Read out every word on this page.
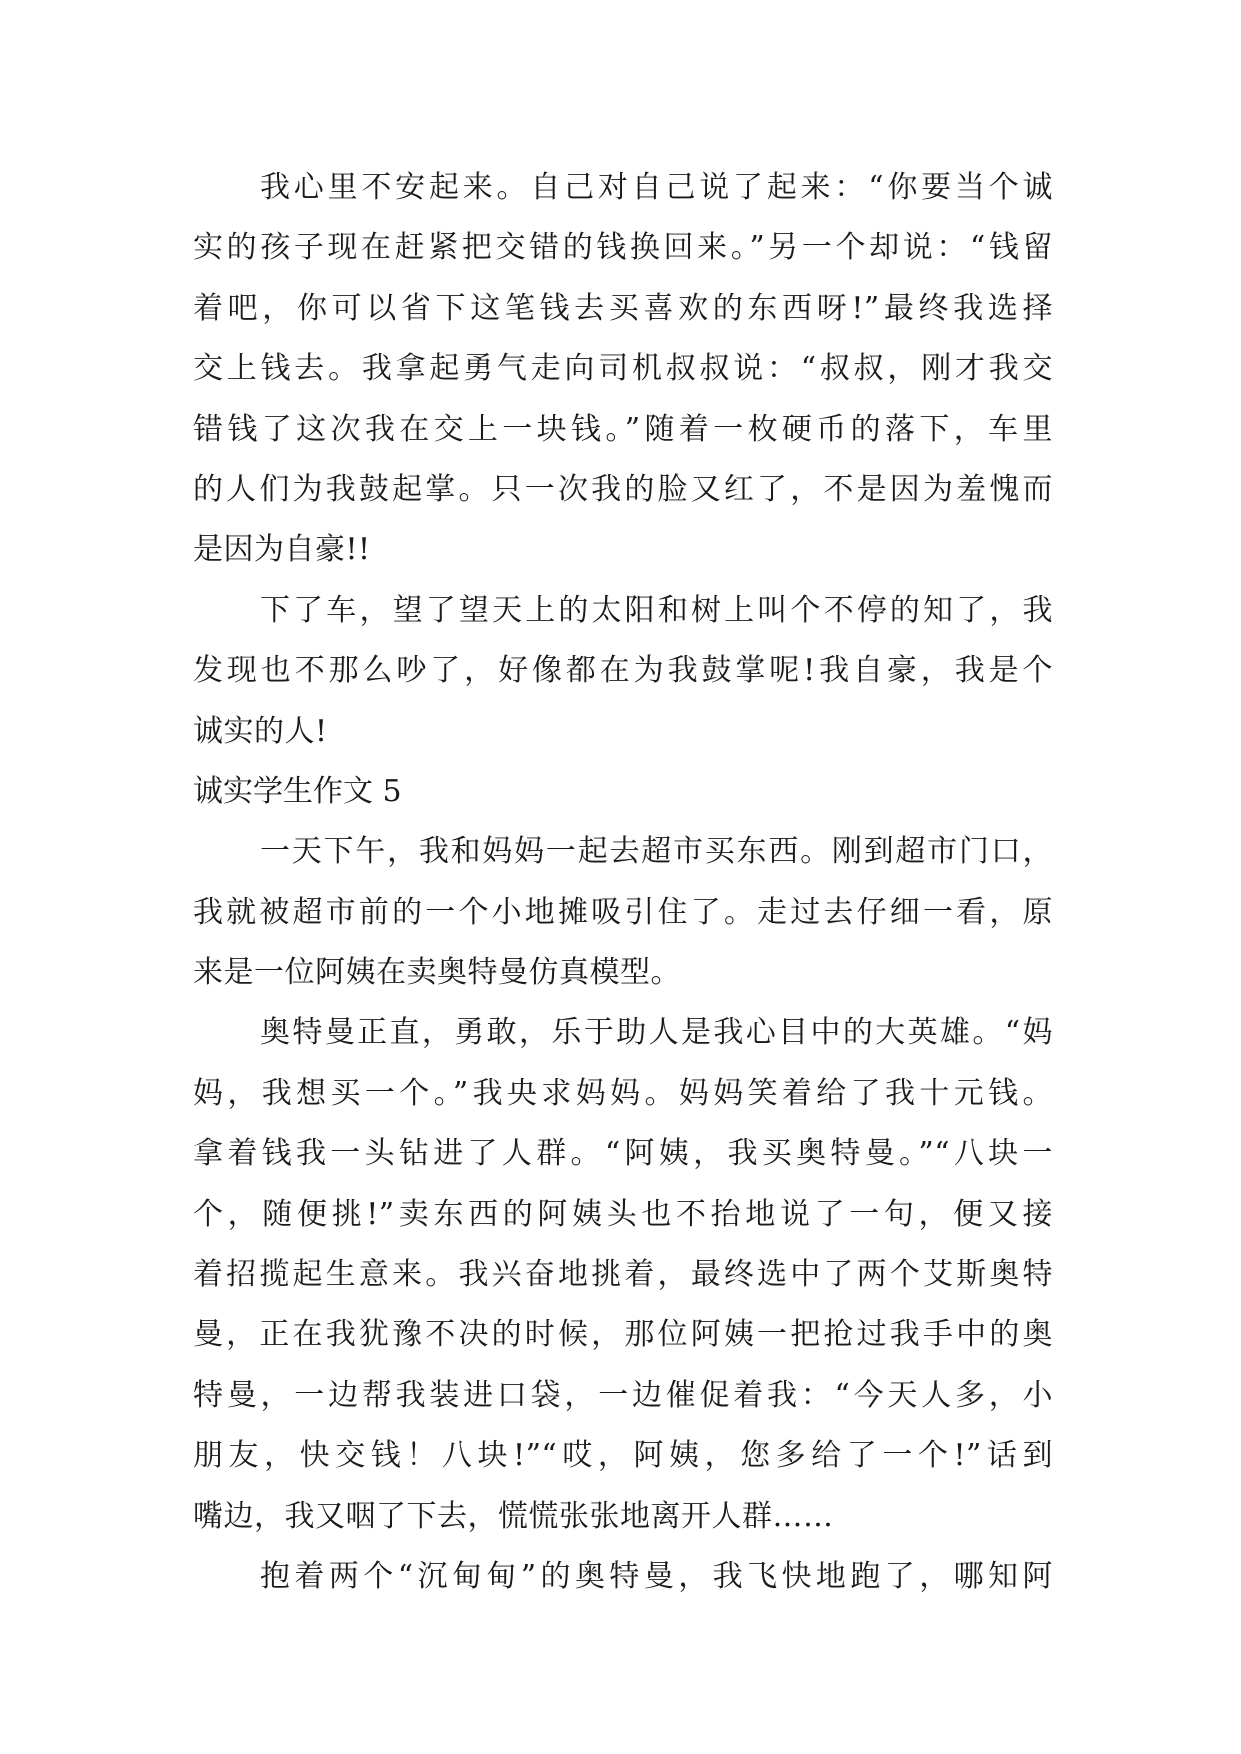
我心里不安起来。自己对自己说了起来：“你要当个诚
实的孩子现在赶紧把交错的钱换回来。”另一个却说：“钱留
着吧，你可以省下这笔钱去买喜欢的东西呀!”最终我选择
交上钱去。我拿起勇气走向司机叔叔说：“叔叔，刚才我交
错钱了这次我在交上一块钱。”随着一枚硬币的落下，车里
的人们为我鼓起掌。只一次我的脸又红了，不是因为羞愧而
是因为自豪!!
下了车，望了望天上的太阳和树上叫个不停的知了，我
发现也不那么吵了，好像都在为我鼓掌呢!我自豪，我是个
诚实的人!
诚实学生作文 5
一天下午，我和妈妈一起去超市买东西。刚到超市门口，
我就被超市前的一个小地摊吸引住了。走过去仔细一看，原
来是一位阿姨在卖奥特曼仿真模型。
奥特曼正直，勇敢，乐于助人是我心目中的大英雄。“妈
妈，我想买一个。”我央求妈妈。妈妈笑着给了我十元钱。
拿着钱我一头钻进了人群。“阿姨，我买奥特曼。”“八块一
个，随便挑!”卖东西的阿姨头也不抬地说了一句，便又接
着招揽起生意来。我兴奋地挑着，最终选中了两个艾斯奥特
曼，正在我犹豫不决的时候，那位阿姨一把抢过我手中的奥
特曼，一边帮我装进口袋，一边催促着我：“今天人多，小
朋友，快交钱！八块!”“哎，阿姨，您多给了一个!”话到
嘴边，我又咽了下去，慌慌张张地离开人群……
抱着两个“沉甸甸”的奥特曼，我飞快地跑了，哪知阿
